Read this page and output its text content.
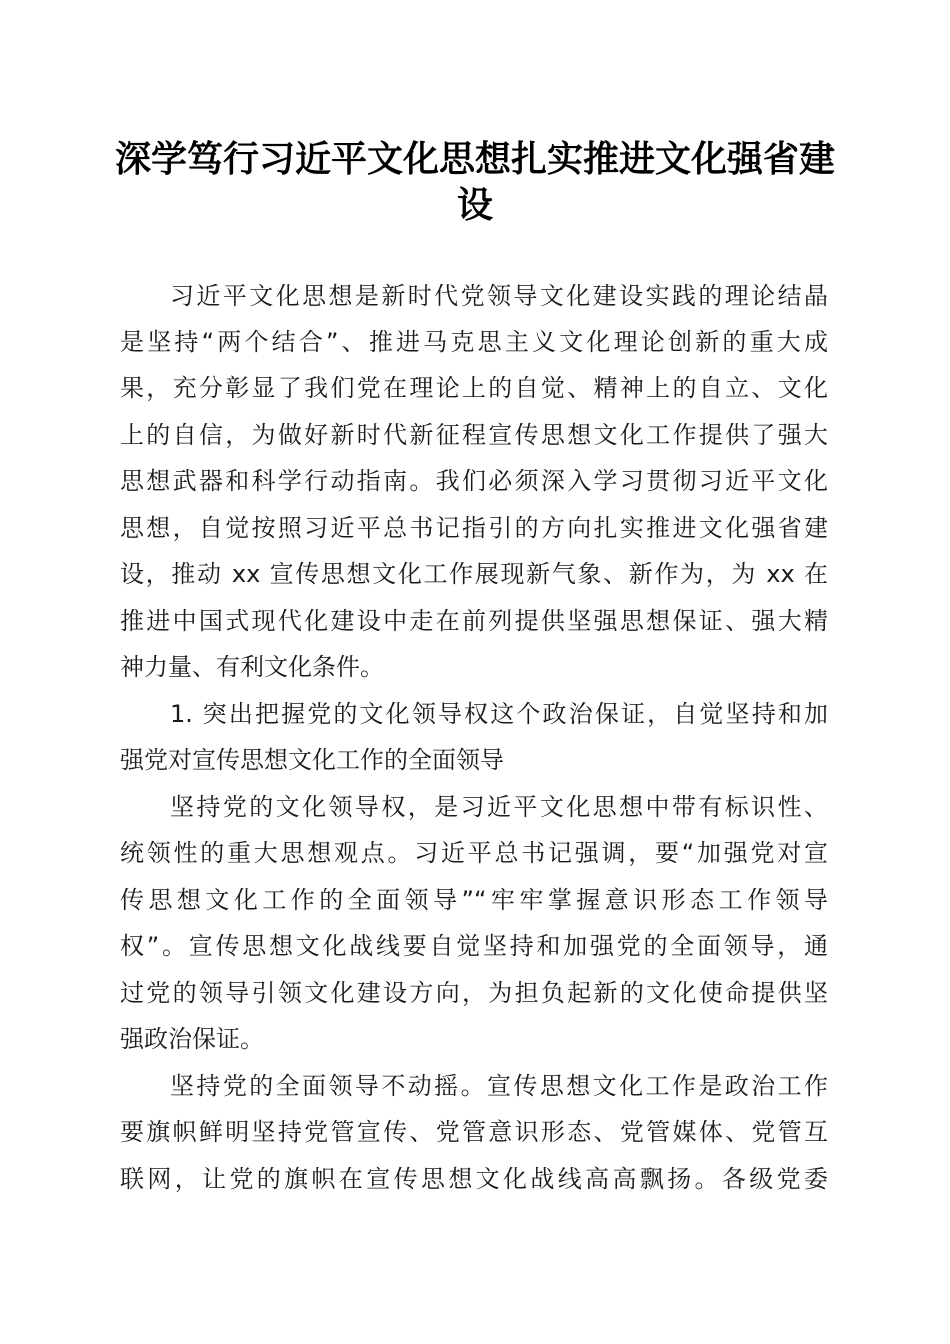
深学笃行习近平文化思想扎实推进文化强省建
设
习近平文化思想是新时代党领导文化建设实践的理论结晶
是坚持“两个结合”、推进马克思主义文化理论创新的重大成
果，充分彰显了我们党在理论上的自觉、精神上的自立、文化
上的自信，为做好新时代新征程宣传思想文化工作提供了强大
思想武器和科学行动指南。我们必须深入学习贯彻习近平文化
思想，自觉按照习近平总书记指引的方向扎实推进文化强省建
设，推动 xx 宣传思想文化工作展现新气象、新作为，为 xx 在
推进中国式现代化建设中走在前列提供坚强思想保证、强大精
神力量、有利文化条件。
1. 突出把握党的文化领导权这个政治保证，自觉坚持和加
强党对宣传思想文化工作的全面领导
坚持党的文化领导权，是习近平文化思想中带有标识性、
统领性的重大思想观点。习近平总书记强调，要“加强党对宣
传思想文化工作的全面领导”“牢牢掌握意识形态工作领导
权”。宣传思想文化战线要自觉坚持和加强党的全面领导，通
过党的领导引领文化建设方向，为担负起新的文化使命提供坚
强政治保证。
坚持党的全面领导不动摇。宣传思想文化工作是政治工作
要旗帜鲜明坚持党管宣传、党管意识形态、党管媒体、党管互
联网，让党的旗帜在宣传思想文化战线高高飘扬。各级党委
